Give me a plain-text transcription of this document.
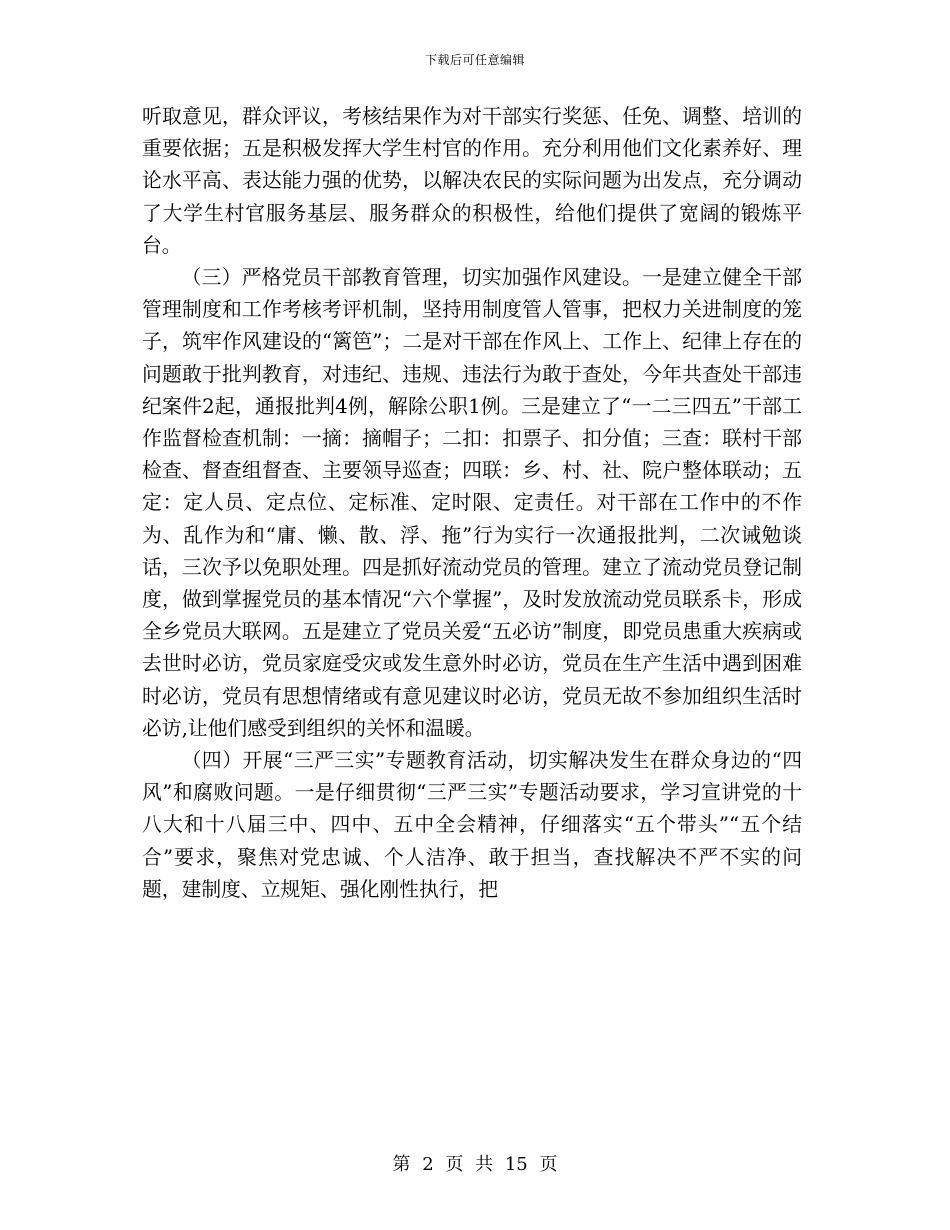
下载后可任意编辑

听取意见，群众评议，考核结果作为对干部实行奖惩、任免、调整、培训的重要依据；五是积极发挥大学生村官的作用。充分利用他们文化素养好、理论水平高、表达能力强的优势，以解决农民的实际问题为出发点，充分调动了大学生村官服务基层、服务群众的积极性，给他们提供了宽阔的锻炼平台。

（三）严格党员干部教育管理，切实加强作风建设。一是建立健全干部管理制度和工作考核考评机制，坚持用制度管人管事，把权力关进制度的笼子，筑牢作风建设的“篱笆”；二是对干部在作风上、工作上、纪律上存在的问题敢于批判教育，对违纪、违规、违法行为敢于查处，今年共查处干部违纪案件2起，通报批判4例，解除公职1例。三是建立了“一二三四五”干部工作监督检查机制：一摘：摘帽子；二扣：扣票子、扣分值；三查：联村干部检查、督查组督查、主要领导巡查；四联：乡、村、社、院户整体联动；五定：定人员、定点位、定标准、定时限、定责任。对干部在工作中的不作为、乱作为和“庸、懒、散、浮、拖”行为实行一次通报批判，二次诫勉谈话，三次予以免职处理。四是抓好流动党员的管理。建立了流动党员登记制度，做到掌握党员的基本情况“六个掌握”，及时发放流动党员联系卡，形成全乡党员大联网。五是建立了党员关爱“五必访”制度，即党员患重大疾病或去世时必访，党员家庭受灾或发生意外时必访，党员在生产生活中遇到困难时必访，党员有思想情绪或有意见建议时必访，党员无故不参加组织生活时必访,让他们感受到组织的关怀和温暖。

（四）开展“三严三实”专题教育活动，切实解决发生在群众身边的“四风”和腐败问题。一是仔细贯彻“三严三实”专题活动要求，学习宣讲党的十八大和十八届三中、四中、五中全会精神，仔细落实“五个带头”“五个结合”要求，聚焦对党忠诚、个人洁净、敢于担当，查找解决不严不实的问题，建制度、立规矩、强化刚性执行，把

第 2 页 共 15 页
